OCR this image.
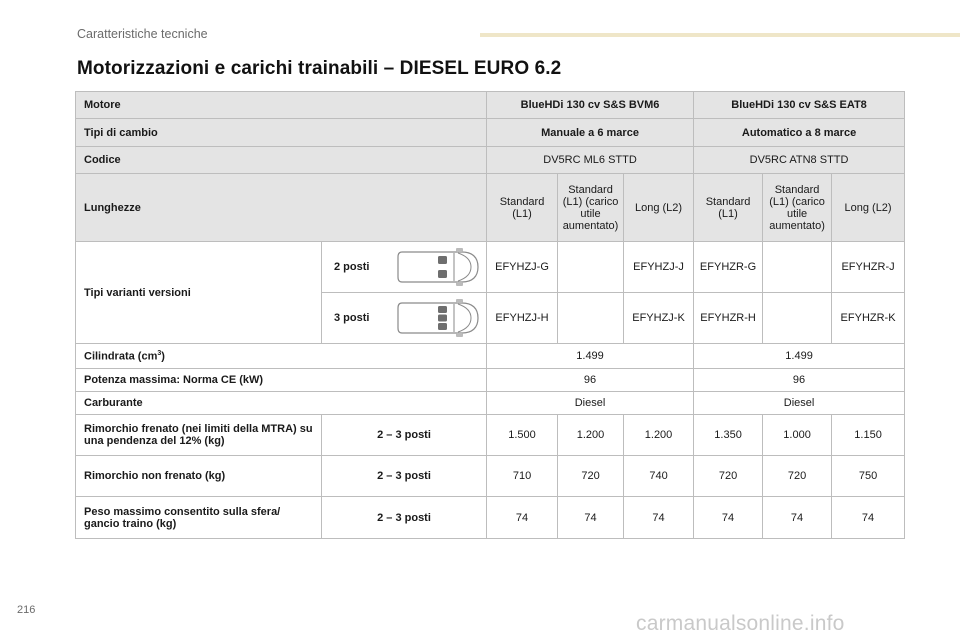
Caratteristiche tecniche
Motorizzazioni e carichi trainabili – DIESEL EURO 6.2
Motore		BlueHDi 130 cv S&S BVM6			BlueHDi 130 cv S&S EAT8		
Tipi di cambio		Manuale a 6 marce			Automatico a 8 marce		
Codice		DV5RC ML6 STTD			DV5RC ATN8 STTD		
Lunghezze		Standard (L1)	Standard (L1) (carico utile aumentato)	Long (L2)	Standard (L1)	Standard (L1) (carico utile aumentato)	Long (L2)
Tipi varianti versioni	2 posti	EFYHZJ-G		EFYHZJ-J	EFYHZR-G		EFYHZR-J

	3 posti	EFYHZJ-H		EFYHZJ-K	EFYHZR-H		EFYHZR-K
Cilindrata $(cm^3)$		1.499			1.499		
Potenza massima: Norma CE (kW)		96			96		
Carburante		Diesel			Diesel		
Rimorchio frenato (nei limiti della MTRA) su una pendenza del 12% (kg)	2 – 3 posti	1.500	1.200	1.200	1.350	1.000	1.150
Rimorchio non frenato (kg)	2 – 3 posti	710	720	740	720	720	750
Peso massimo consentito sulla sfera/ gancio traino (kg)	2 – 3 posti	74	74	74	74	74	74
216
carmanualsonline.info
